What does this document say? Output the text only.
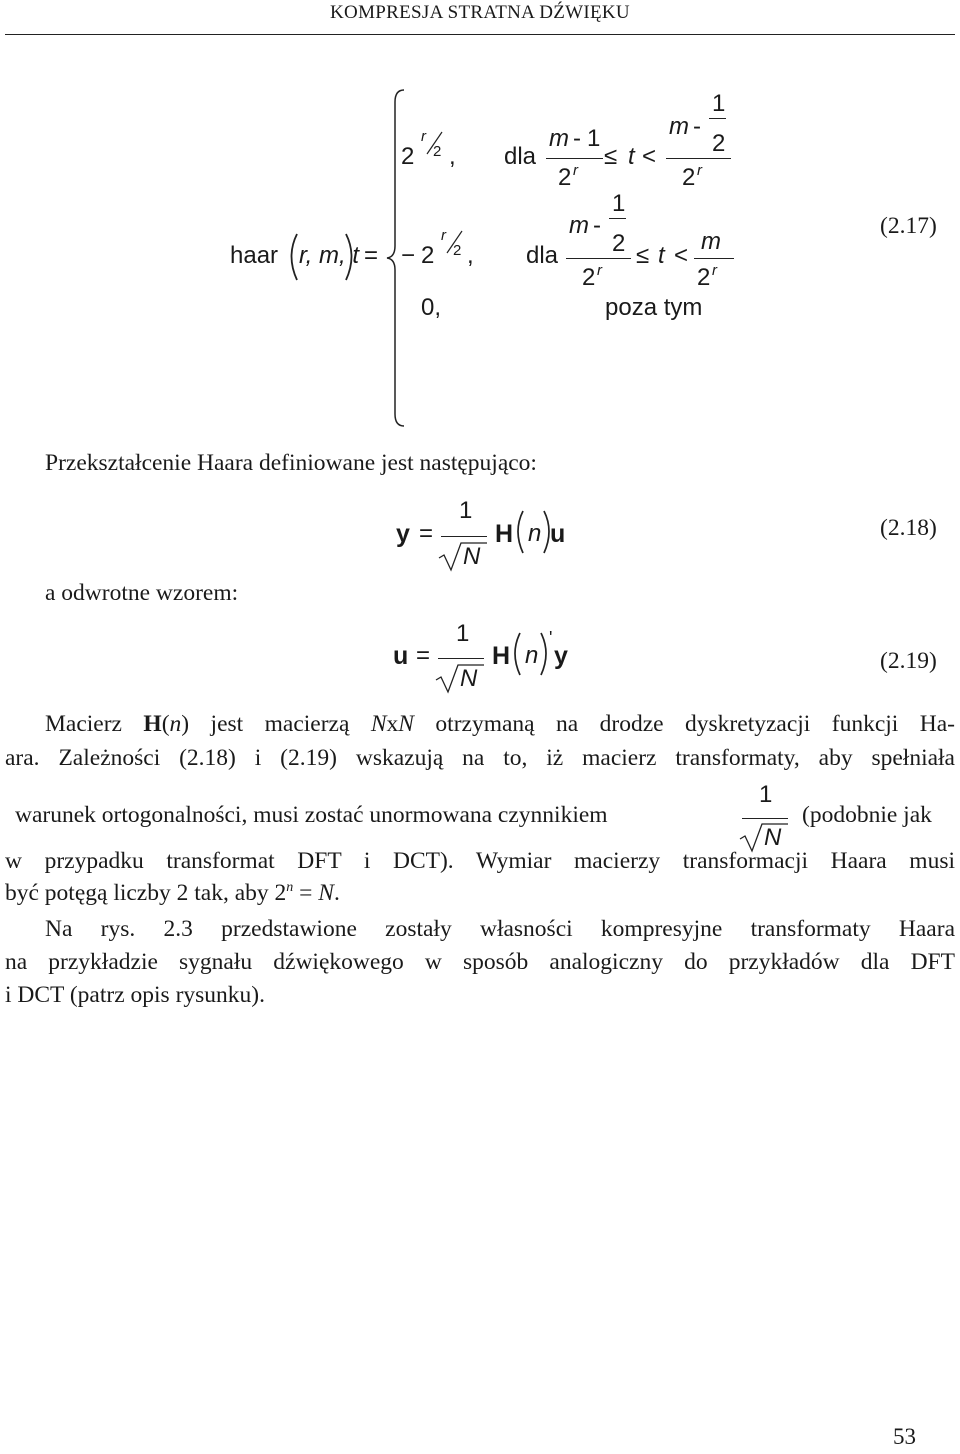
KOMPRESJA STRATNA DŹWIĘKU
haar r, m, t =
2
r
2 , dla
m - 1
2 r
≤ t <
m -
1
2
2 r
− 2
r
2 , dla
m -
1
2
2 r
≤ t <
m
2 r
0,	poza tym
(2.17)
Przekształcenie Haara definiowane jest następująco:
y =
1
N
H n u	(2.18)
a odwrotne wzorem:
u =
1
N
H n
'
y	(2.19)
Macierz H(n) jest macierzą NxN otrzymaną na drodze dyskretyzacji funkcji Ha-
ara. Zależności (2.18) i (2.19) wskazują na to, iż macierz transformaty, aby spełniała
warunek ortogonalności, musi zostać unormowana czynnikiem
1
N
(podobnie jak
w przypadku transformat DFT i DCT). Wymiar macierzy transformacji Haara musi
być potęgą liczby 2 tak, aby $2^n = N$.
Na rys. 2.3 przedstawione zostały własności kompresyjne transformaty Haara
na przykładzie sygnału dźwiękowego w sposób analogiczny do przykładów dla DFT
i DCT (patrz opis rysunku).
53
